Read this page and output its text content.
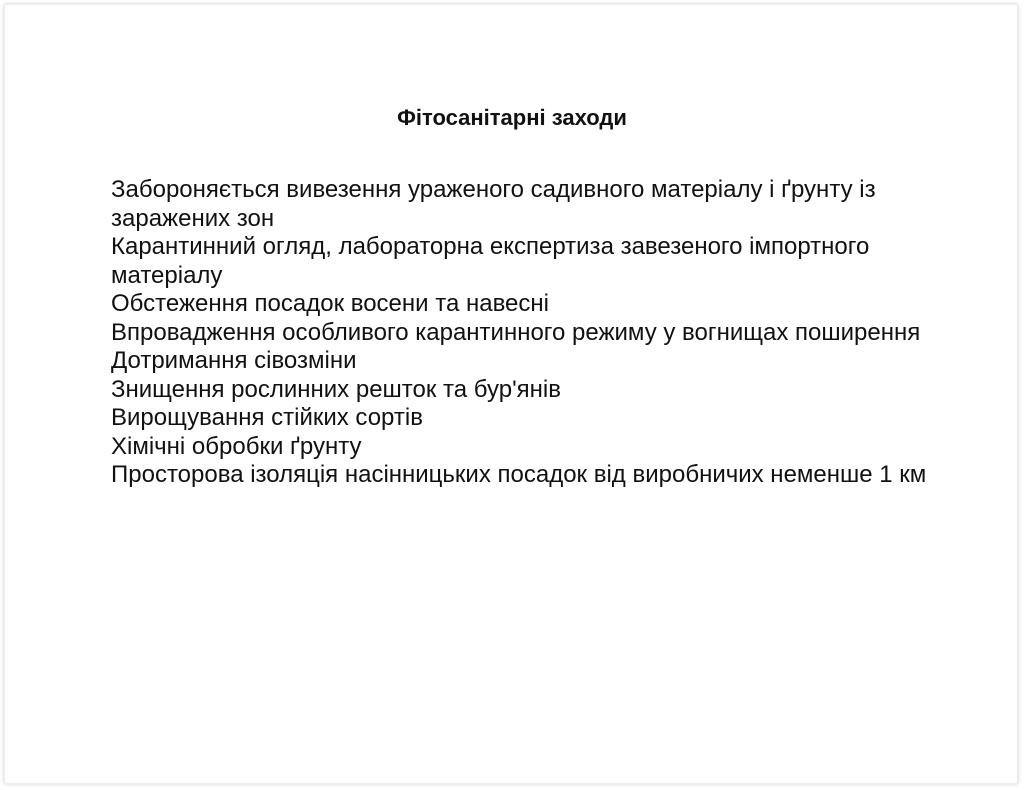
Фітосанітарні заходи
Забороняється вивезення ураженого садивного матеріалу і ґрунту із заражених зон
Карантинний огляд, лабораторна експертиза завезеного імпортного матеріалу
Обстеження посадок восени та навесні
Впровадження особливого карантинного режиму у вогнищах поширення
Дотримання сівозміни
Знищення рослинних решток та бур'янів
Вирощування стійких сортів
Хімічні обробки ґрунту
Просторова ізоляція насінницьких посадок від виробничих неменше 1 км
